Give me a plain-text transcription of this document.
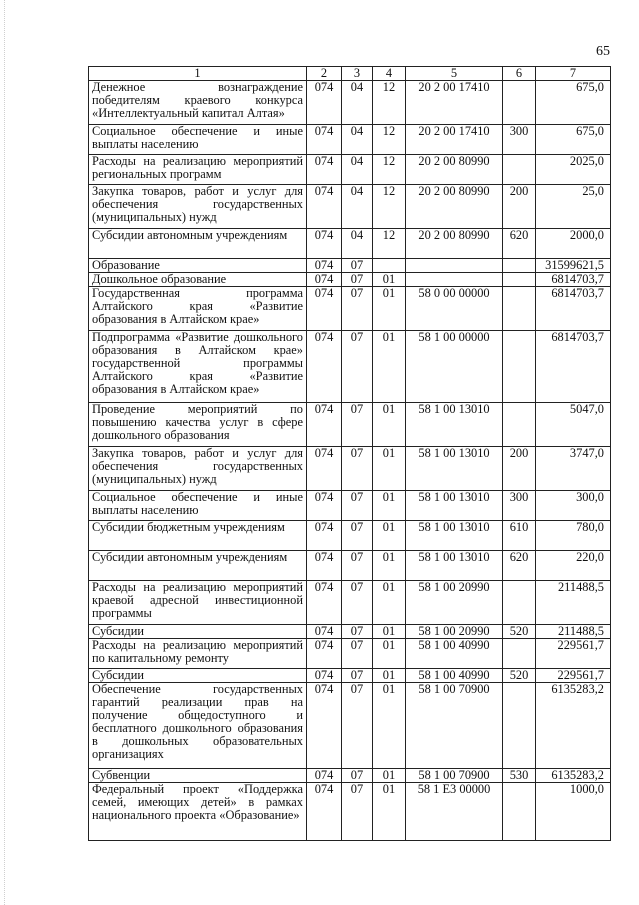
65
1	2	3	4	5	6	7
Денежное вознаграждение победителям краевого конкурса «Интеллектуальный капитал Алтая»	074	04	12	20 2 00 17410		675,0
Социальное обеспечение и иные выплаты населению	074	04	12	20 2 00 17410	300	675,0
Расходы на реализацию мероприятий региональных программ	074	04	12	20 2 00 80990		2025,0
Закупка товаров, работ и услуг для обеспечения государственных (муниципальных) нужд	074	04	12	20 2 00 80990	200	25,0
Субсидии автономным учреждениям	074	04	12	20 2 00 80990	620	2000,0
Образование	074	07				31599621,5
Дошкольное образование	074	07	01			6814703,7
Государственная программа Алтайского края «Развитие образования в Алтайском крае»	074	07	01	58 0 00 00000		6814703,7
Подпрограмма «Развитие дошкольного образования в Алтайском крае» государственной программы Алтайского края «Развитие образования в Алтайском крае»	074	07	01	58 1 00 00000		6814703,7
Проведение мероприятий по повышению качества услуг в сфере дошкольного образования	074	07	01	58 1 00 13010		5047,0
Закупка товаров, работ и услуг для обеспечения государственных (муниципальных) нужд	074	07	01	58 1 00 13010	200	3747,0
Социальное обеспечение и иные выплаты населению	074	07	01	58 1 00 13010	300	300,0
Субсидии бюджетным учреждениям	074	07	01	58 1 00 13010	610	780,0
Субсидии автономным учреждениям	074	07	01	58 1 00 13010	620	220,0
Расходы на реализацию мероприятий краевой адресной инвестиционной программы	074	07	01	58 1 00 20990		211488,5
Субсидии	074	07	01	58 1 00 20990	520	211488,5
Расходы на реализацию мероприятий по капитальному ремонту	074	07	01	58 1 00 40990		229561,7
Субсидии	074	07	01	58 1 00 40990	520	229561,7
Обеспечение государственных гарантий реализации прав на получение общедоступного и бесплатного дошкольного образования в дошкольных образовательных организациях	074	07	01	58 1 00 70900		6135283,2
Субвенции	074	07	01	58 1 00 70900	530	6135283,2
Федеральный проект «Поддержка семей, имеющих детей» в рамках национального проекта «Образование»	074	07	01	58 1 Е3 00000		1000,0
